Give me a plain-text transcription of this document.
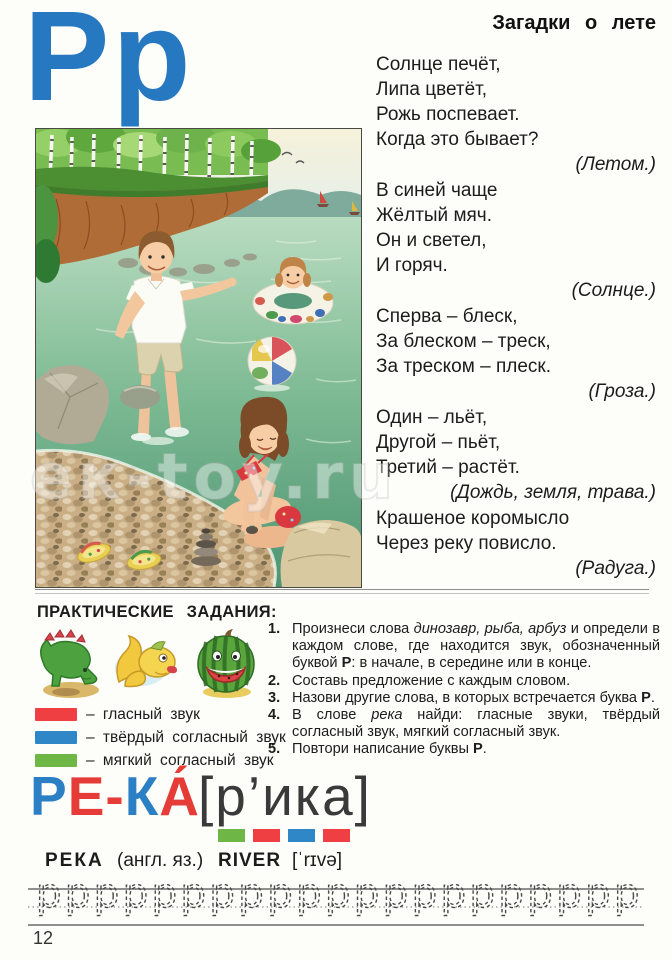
Рр	Загадки о лете
Солнце печёт,
Липа цветёт,
Рожь поспевает.
Когда это бывает?
(Летом.)
В синей чаще
Жёлтый мяч.
Он и светел,
И горяч.
(Солнце.)
Сперва – блеск,
За блеском – треск,
За треском – плеск.
(Гроза.)
Один – льёт,
Другой – пьёт,
Третий – растёт.
(Дождь, земля, трава.)
Крашеное коромысло
Через реку повисло.
(Радуга.)
ПРАКТИЧЕСКИЕ ЗАДАНИЯ:
– гласный звук
– твёрдый согласный звук
– мягкий согласный звук
1. Произнеси слова динозавр, рыба, арбуз и определи в каждом слове, где находится звук, обозначенный буквой Р: в начале, в середине или в конце.
2. Составь предложение с каждым словом.
3. Назови другие слова, в которых встречается буква Р.
4. В слове река найди: гласные звуки, твёрдый согласный звук, мягкий согласный звук.
5. Повтори написание буквы Р.
РЕ-КА́
[р’ика]
РЕКА (англ. яз.) RIVER [ˈrɪvə]
р р р р р р р р р р р р р р р р р р р р р
12
ек-toy.ru
